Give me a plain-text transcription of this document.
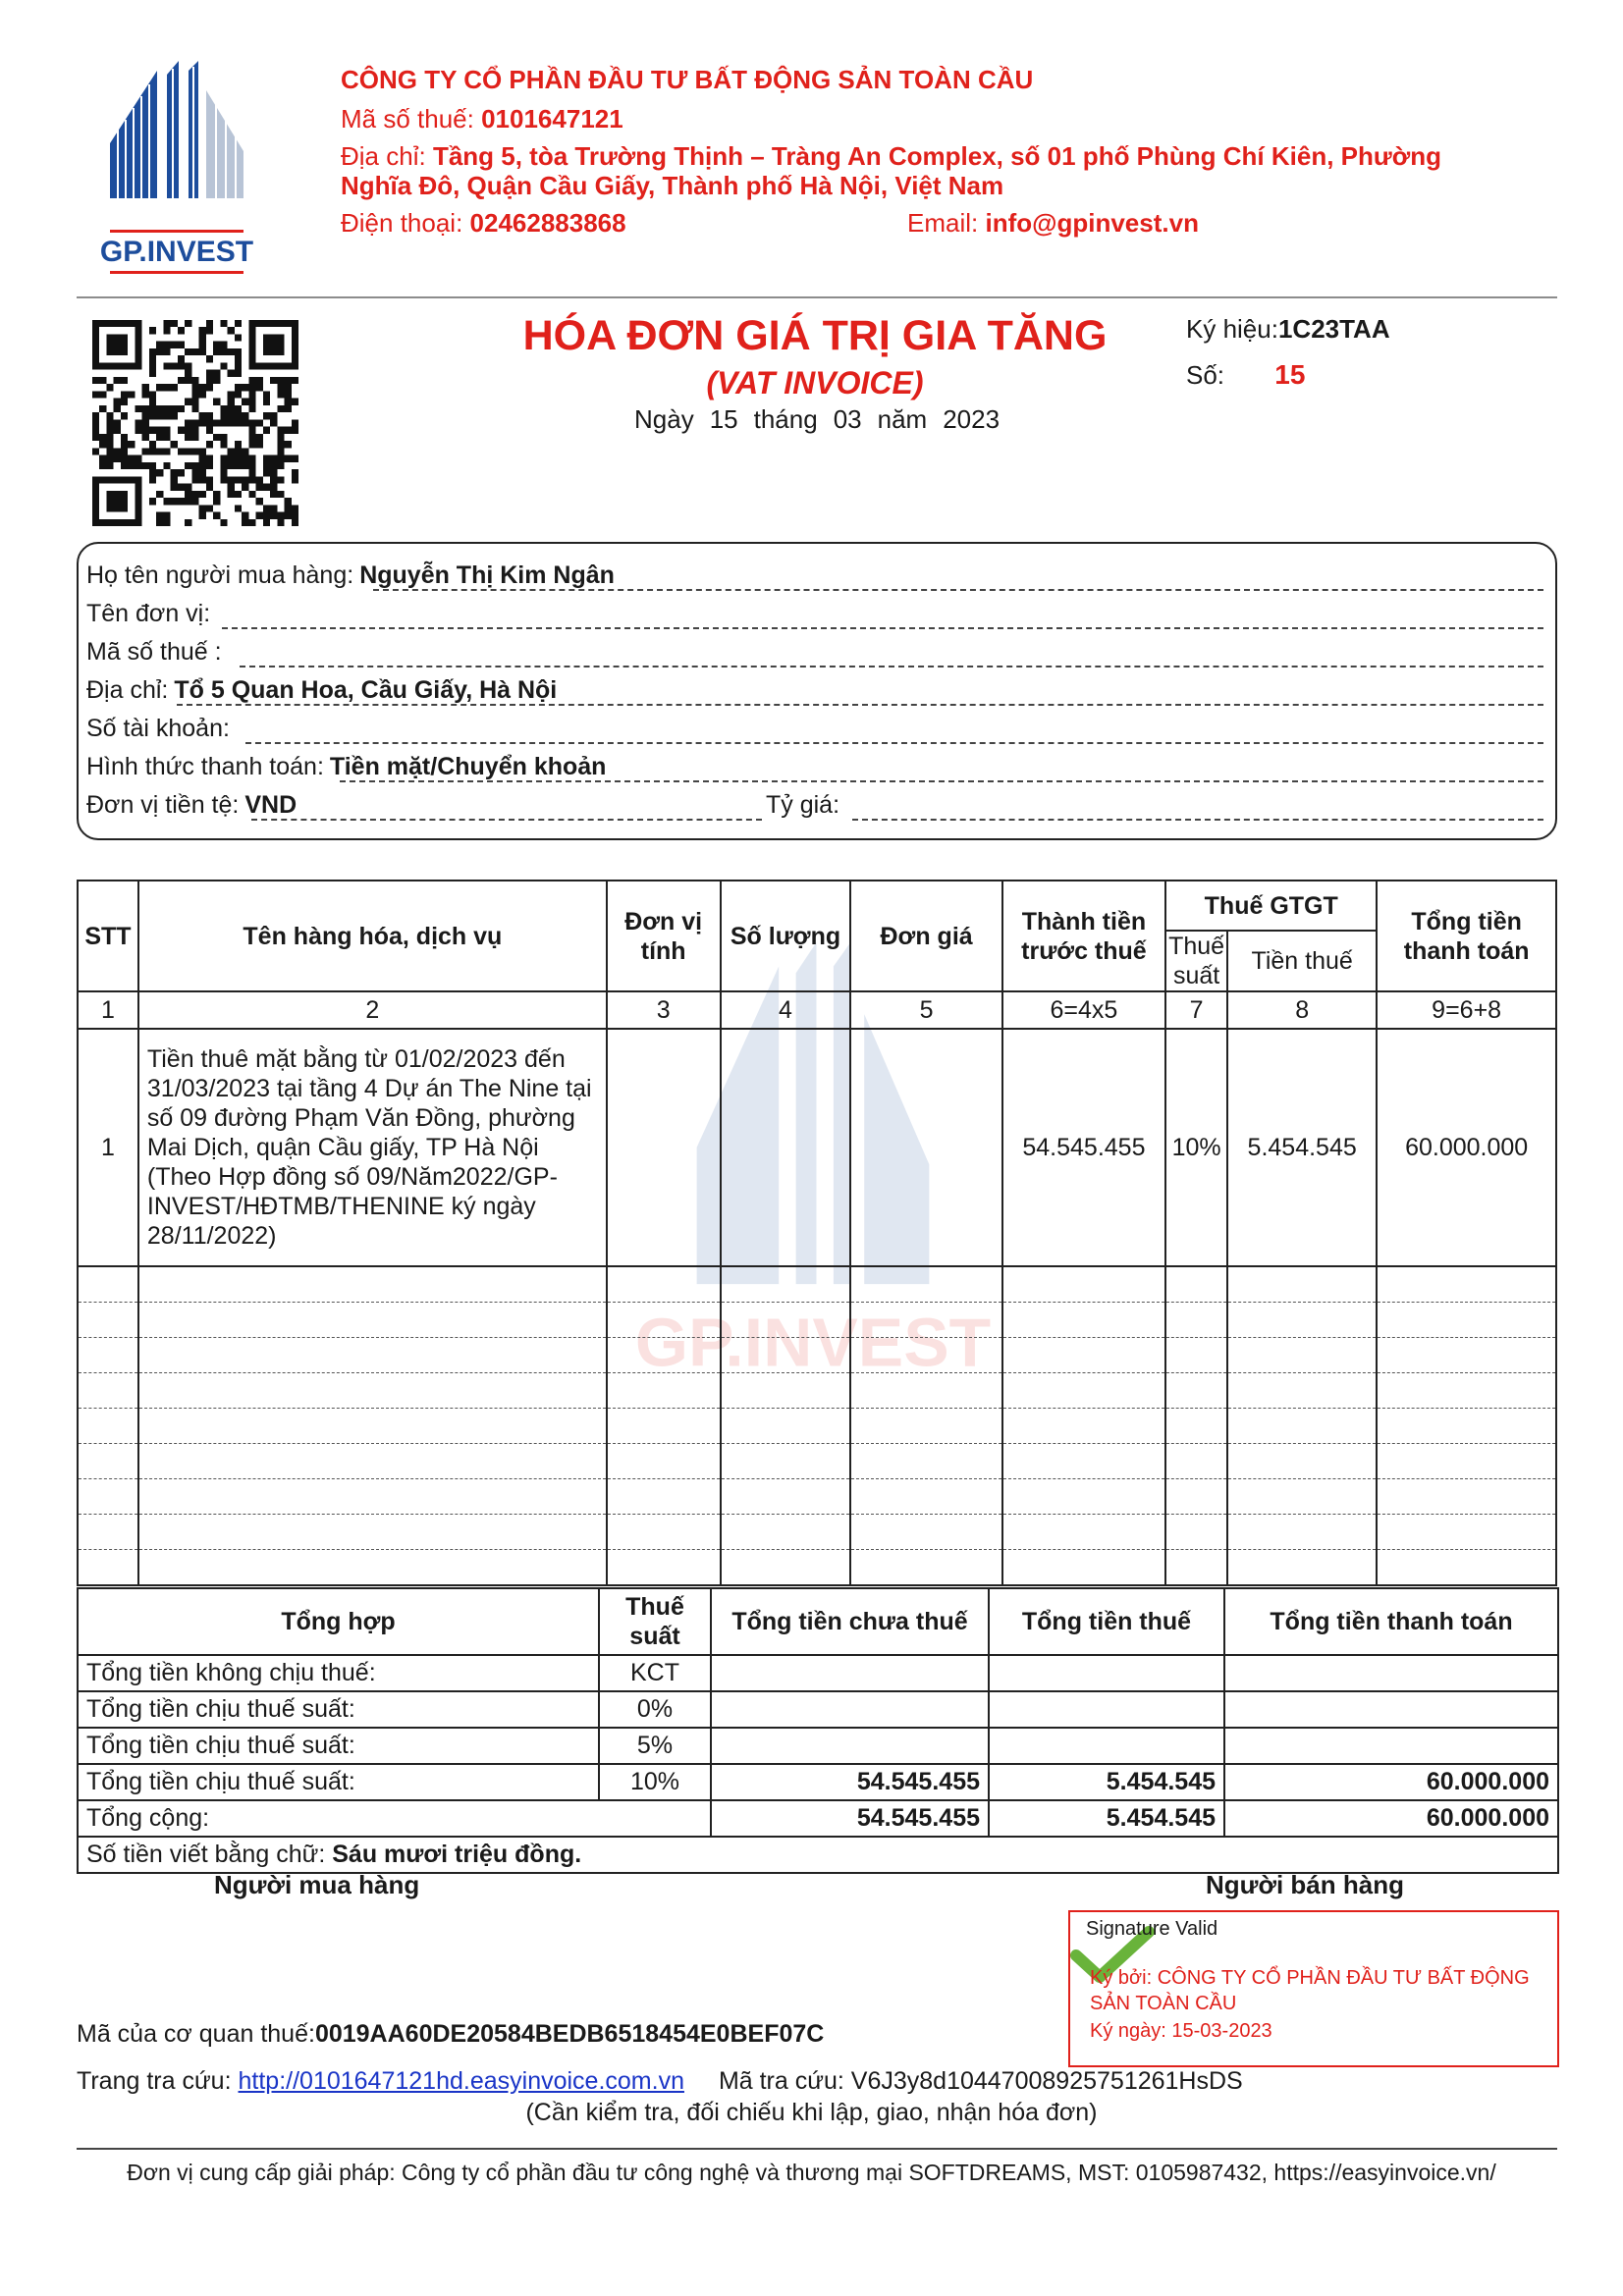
GP.INVEST
CÔNG TY CỔ PHẦN ĐẦU TƯ BẤT ĐỘNG SẢN TOÀN CẦU
Mã số thuế: 0101647121
Địa chỉ: Tầng 5, tòa Trường Thịnh – Tràng An Complex, số 01 phố Phùng Chí Kiên, Phường
Nghĩa Đô, Quận Cầu Giấy, Thành phố Hà Nội, Việt Nam
Điện thoại: 02462883868	Email: info@gpinvest.vn
HÓA ĐƠN GIÁ TRỊ GIA TĂNG
(VAT INVOICE)
Ngày 15 tháng 03 năm 2023
Ký hiệu:1C23TAA
Số: 15
Họ tên người mua hàng: Nguyễn Thị Kim Ngân
Tên đơn vị:
Mã số thuế :
Địa chỉ: Tổ 5 Quan Hoa, Cầu Giấy, Hà Nội
Số tài khoản:
Hình thức thanh toán: Tiền mặt/Chuyển khoản
Đơn vị tiền tệ: VND	Tỷ giá:
GP.INVEST
STT	Tên hàng hóa, dịch vụ	Đơn vị tính	Số lượng	Đơn giá	Thành tiền trước thuế	Thuế GTGT		Tổng tiền thanh toán
						Thuế suất	Tiền thuế	
1	2	3	4	5	6=4x5	7	8	9=6+8
1	Tiền thuê mặt bằng từ 01/02/2023 đến 31/03/2023 tại tầng 4 Dự án The Nine tại số 09 đường Phạm Văn Đồng, phường Mai Dịch, quận Cầu giấy, TP Hà Nội (Theo Hợp đồng số 09/Năm2022/GP-INVEST/HĐTMB/THENINE ký ngày 28/11/2022)				54.545.455	10%	5.454.545	60.000.000

Tổng hợp	Thuế suất	Tổng tiền chưa thuế	Tổng tiền thuế	Tổng tiền thanh toán
Tổng tiền không chịu thuế:	KCT			
Tổng tiền chịu thuế suất:	0%			
Tổng tiền chịu thuế suất:	5%			
Tổng tiền chịu thuế suất:	10%	54.545.455	5.454.545	60.000.000
Tổng cộng:		54.545.455	5.454.545	60.000.000
Số tiền viết bằng chữ: Sáu mươi triệu đồng.				
Người mua hàng	Người bán hàng
Signature Valid
Ký bởi: CÔNG TY CỔ PHẦN ĐẦU TƯ BẤT ĐỘNG SẢN TOÀN CẦU
Ký ngày: 15-03-2023
Mã của cơ quan thuế:0019AA60DE20584BEDB6518454E0BEF07C
Trang tra cứu: http://0101647121hd.easyinvoice.com.vn Mã tra cứu: V6J3y8d10447008925751261HsDS
(Cần kiểm tra, đối chiếu khi lập, giao, nhận hóa đơn)
Đơn vị cung cấp giải pháp: Công ty cổ phần đầu tư công nghệ và thương mại SOFTDREAMS, MST: 0105987432, https://easyinvoice.vn/
